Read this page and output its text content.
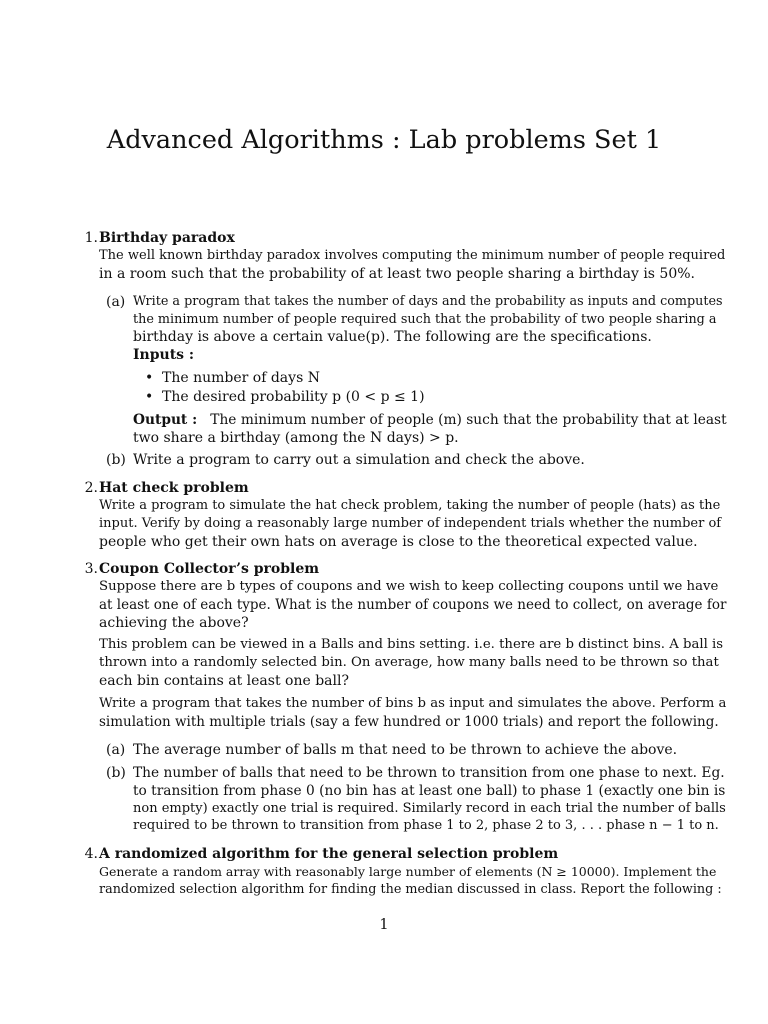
Advanced Algorithms : Lab problems Set 1
1. Birthday paradox
The well known birthday paradox involves computing the minimum number of people required
in a room such that the probability of at least two people sharing a birthday is 50%.
(a) Write a program that takes the number of days and the probability as inputs and computes
the minimum number of people required such that the probability of two people sharing a
birthday is above a certain value(p). The following are the specifications.
Inputs :
• The number of days N
• The desired probability p (0 < p ≤ 1)
Output : The minimum number of people (m) such that the probability that at least
two share a birthday (among the N days) > p.
(b) Write a program to carry out a simulation and check the above.
2. Hat check problem
Write a program to simulate the hat check problem, taking the number of people (hats) as the
input. Verify by doing a reasonably large number of independent trials whether the number of
people who get their own hats on average is close to the theoretical expected value.
3. Coupon Collector’s problem
Suppose there are b types of coupons and we wish to keep collecting coupons until we have
at least one of each type. What is the number of coupons we need to collect, on average for
achieving the above?
This problem can be viewed in a Balls and bins setting. i.e. there are b distinct bins. A ball is
thrown into a randomly selected bin. On average, how many balls need to be thrown so that
each bin contains at least one ball?
Write a program that takes the number of bins b as input and simulates the above. Perform a
simulation with multiple trials (say a few hundred or 1000 trials) and report the following.
(a) The average number of balls m that need to be thrown to achieve the above.
(b) The number of balls that need to be thrown to transition from one phase to next. Eg.
to transition from phase 0 (no bin has at least one ball) to phase 1 (exactly one bin is
non empty) exactly one trial is required. Similarly record in each trial the number of balls
required to be thrown to transition from phase 1 to 2, phase 2 to 3, . . . phase n − 1 to n.
4. A randomized algorithm for the general selection problem
Generate a random array with reasonably large number of elements (N ≥ 10000). Implement the
randomized selection algorithm for finding the median discussed in class. Report the following :
1
